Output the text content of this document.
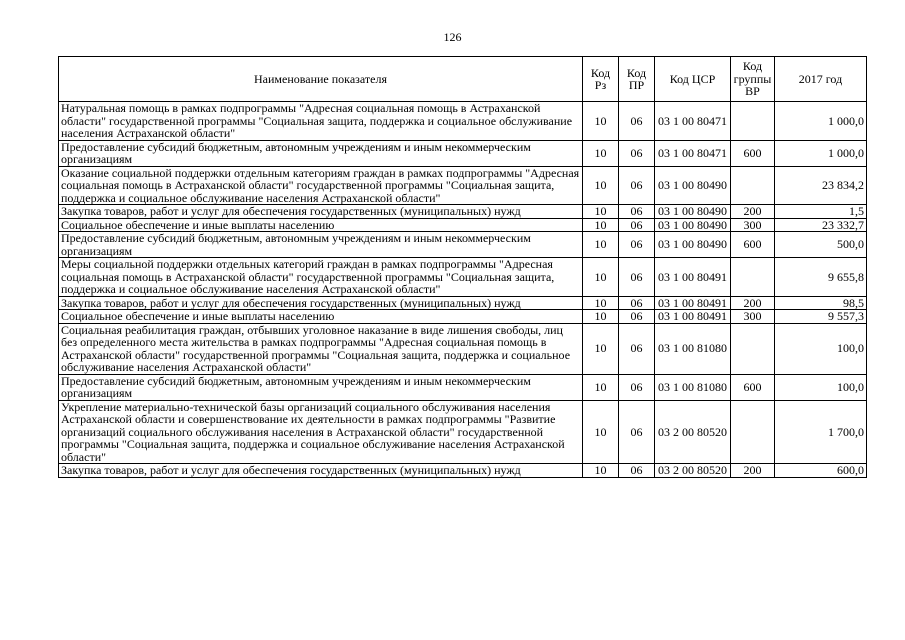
126
Наименование показателя	Код Рз	Код ПР	Код ЦСР	Код группы ВР	2017 год
Натуральная помощь в рамках подпрограммы "Адресная социальная помощь в Астраханской области" государственной программы "Социальная защита, поддержка и социальное обслуживание населения Астраханской области"	10	06	03 1 00 80471		1 000,0
Предоставление субсидий бюджетным, автономным учреждениям и иным некоммерческим организациям	10	06	03 1 00 80471	600	1 000,0
Оказание социальной поддержки отдельным категориям граждан в рамках подпрограммы "Адресная социальная помощь в Астраханской области" государственной программы "Социальная защита, поддержка и социальное обслуживание населения Астраханской области"	10	06	03 1 00 80490		23 834,2
Закупка товаров, работ и услуг для обеспечения государственных (муниципальных) нужд	10	06	03 1 00 80490	200	1,5
Социальное обеспечение и иные выплаты населению	10	06	03 1 00 80490	300	23 332,7
Предоставление субсидий бюджетным, автономным учреждениям и иным некоммерческим организациям	10	06	03 1 00 80490	600	500,0
Меры социальной поддержки отдельных категорий граждан в рамках подпрограммы "Адресная социальная помощь в Астраханской области" государственной программы "Социальная защита, поддержка и социальное обслуживание населения Астраханской области"	10	06	03 1 00 80491		9 655,8
Закупка товаров, работ и услуг для обеспечения государственных (муниципальных) нужд	10	06	03 1 00 80491	200	98,5
Социальное обеспечение и иные выплаты населению	10	06	03 1 00 80491	300	9 557,3
Социальная реабилитация граждан, отбывших уголовное наказание в виде лишения свободы, лиц без определенного места жительства в рамках подпрограммы "Адресная социальная помощь в Астраханской области" государственной программы "Социальная защита, поддержка и социальное обслуживание населения Астраханской области"	10	06	03 1 00 81080		100,0
Предоставление субсидий бюджетным, автономным учреждениям и иным некоммерческим организациям	10	06	03 1 00 81080	600	100,0
Укрепление материально-технической базы организаций социального обслуживания населения Астраханской области и совершенствование их деятельности в рамках подпрограммы "Развитие организаций социального обслуживания населения в Астраханской области" государственной программы "Социальная защита, поддержка и социальное обслуживание населения Астраханской области"	10	06	03 2 00 80520		1 700,0
Закупка товаров, работ и услуг для обеспечения государственных (муниципальных) нужд	10	06	03 2 00 80520	200	600,0
